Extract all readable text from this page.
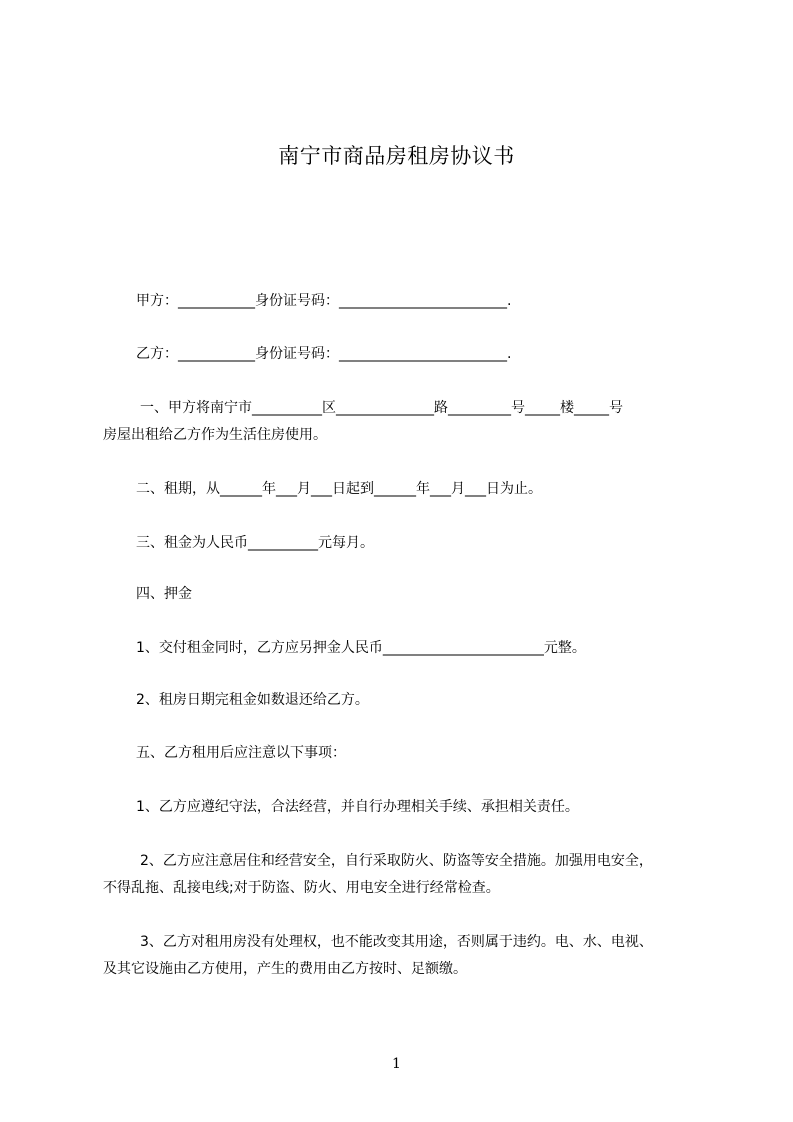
南宁市商品房租房协议书
甲方：___________身份证号码：________________________.
乙方：___________身份证号码：________________________.
一、甲方将南宁市__________区______________路_________号_____楼_____号
房屋出租给乙方作为生活住房使用。
二、租期，从______年___月___日起到______年___月___日为止。
三、租金为人民币__________元每月。
四、押金
1、交付租金同时，乙方应另押金人民币_______________________元整。
2、租房日期完租金如数退还给乙方。
五、乙方租用后应注意以下事项：
1、乙方应遵纪守法，合法经营，并自行办理相关手续、承担相关责任。
2、乙方应注意居住和经营安全，自行采取防火、防盗等安全措施。加强用电安全，
不得乱拖、乱接电线;对于防盗、防火、用电安全进行经常检查。
3、乙方对租用房没有处理权，也不能改变其用途，否则属于违约。电、水、电视、
及其它设施由乙方使用，产生的费用由乙方按时、足额缴。
1
